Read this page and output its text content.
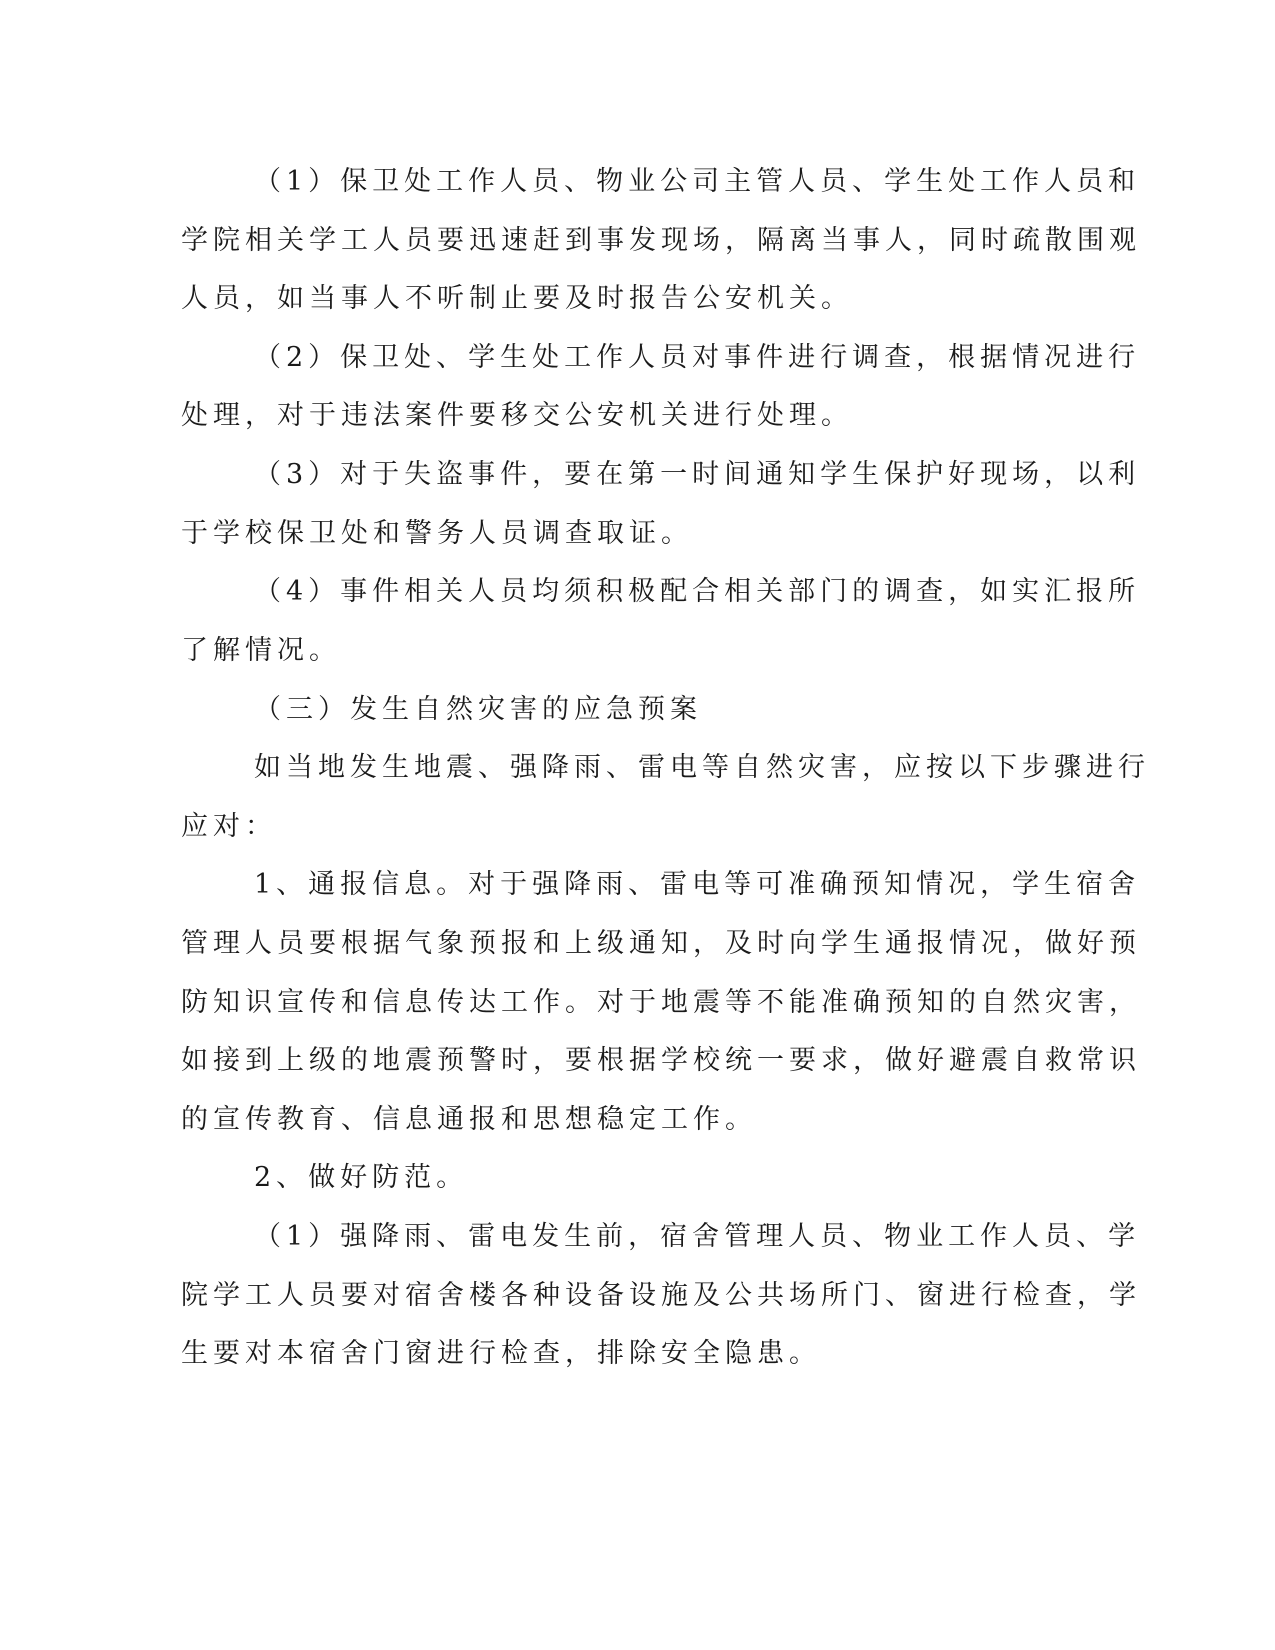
（1）保卫处工作人员、物业公司主管人员、学生处工作人员和

学院相关学工人员要迅速赶到事发现场，隔离当事人，同时疏散围观

人员，如当事人不听制止要及时报告公安机关。

（2）保卫处、学生处工作人员对事件进行调查，根据情况进行

处理，对于违法案件要移交公安机关进行处理。

（3）对于失盗事件，要在第一时间通知学生保护好现场，以利

于学校保卫处和警务人员调查取证。

（4）事件相关人员均须积极配合相关部门的调查，如实汇报所

了解情况。

（三）发生自然灾害的应急预案

如当地发生地震、强降雨、雷电等自然灾害，应按以下步骤进行

应对：

1、通报信息。对于强降雨、雷电等可准确预知情况，学生宿舍

管理人员要根据气象预报和上级通知，及时向学生通报情况，做好预

防知识宣传和信息传达工作。对于地震等不能准确预知的自然灾害，

如接到上级的地震预警时，要根据学校统一要求，做好避震自救常识

的宣传教育、信息通报和思想稳定工作。

2、做好防范。

（1）强降雨、雷电发生前，宿舍管理人员、物业工作人员、学

院学工人员要对宿舍楼各种设备设施及公共场所门、窗进行检查，学

生要对本宿舍门窗进行检查，排除安全隐患。
